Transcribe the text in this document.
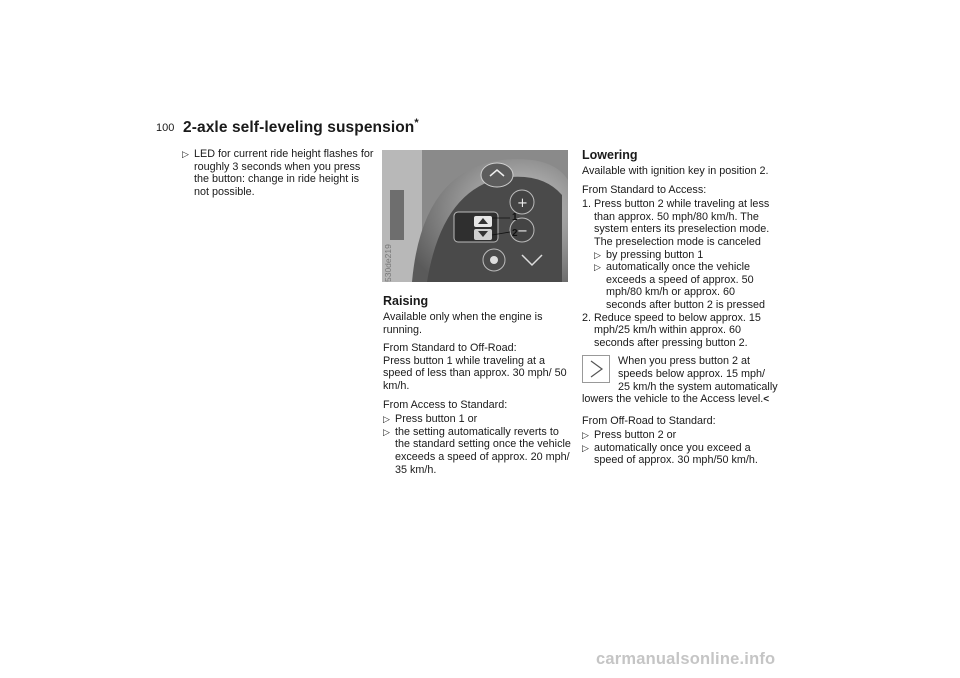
100 2-axle self-leveling suspension*

▷ LED for current ride height flashes for roughly 3 seconds when you press the button: change in ride height is not possible.

+
−
1
2
530de219
Raising

Available only when the engine is running.

From Standard to Off-Road:
Press button 1 while traveling at a speed of less than approx. 30 mph/ 50 km/h.

From Access to Standard:

▷ Press button 1 or

▷ the setting automatically reverts to the standard setting once the vehicle exceeds a speed of approx. 20 mph/ 35 km/h.

Lowering

Available with ignition key in position 2.

From Standard to Access:

1. Press button 2 while traveling at less than approx. 50 mph/80 km/h. The system enters its preselection mode. The preselection mode is canceled

▷ by pressing button 1

▷ automatically once the vehicle exceeds a speed of approx. 50 mph/80 km/h or approx. 60 seconds after button 2 is pressed

2. Reduce speed to below approx. 15 mph/25 km/h within approx. 60 seconds after pressing button 2.
When you press button 2 at speeds below approx. 15 mph/ 25 km/h the system automatically lowers the vehicle to the Access level.<

From Off-Road to Standard:

▷ Press button 2 or

▷ automatically once you exceed a speed of approx. 30 mph/50 km/h.

carmanualsonline.info
